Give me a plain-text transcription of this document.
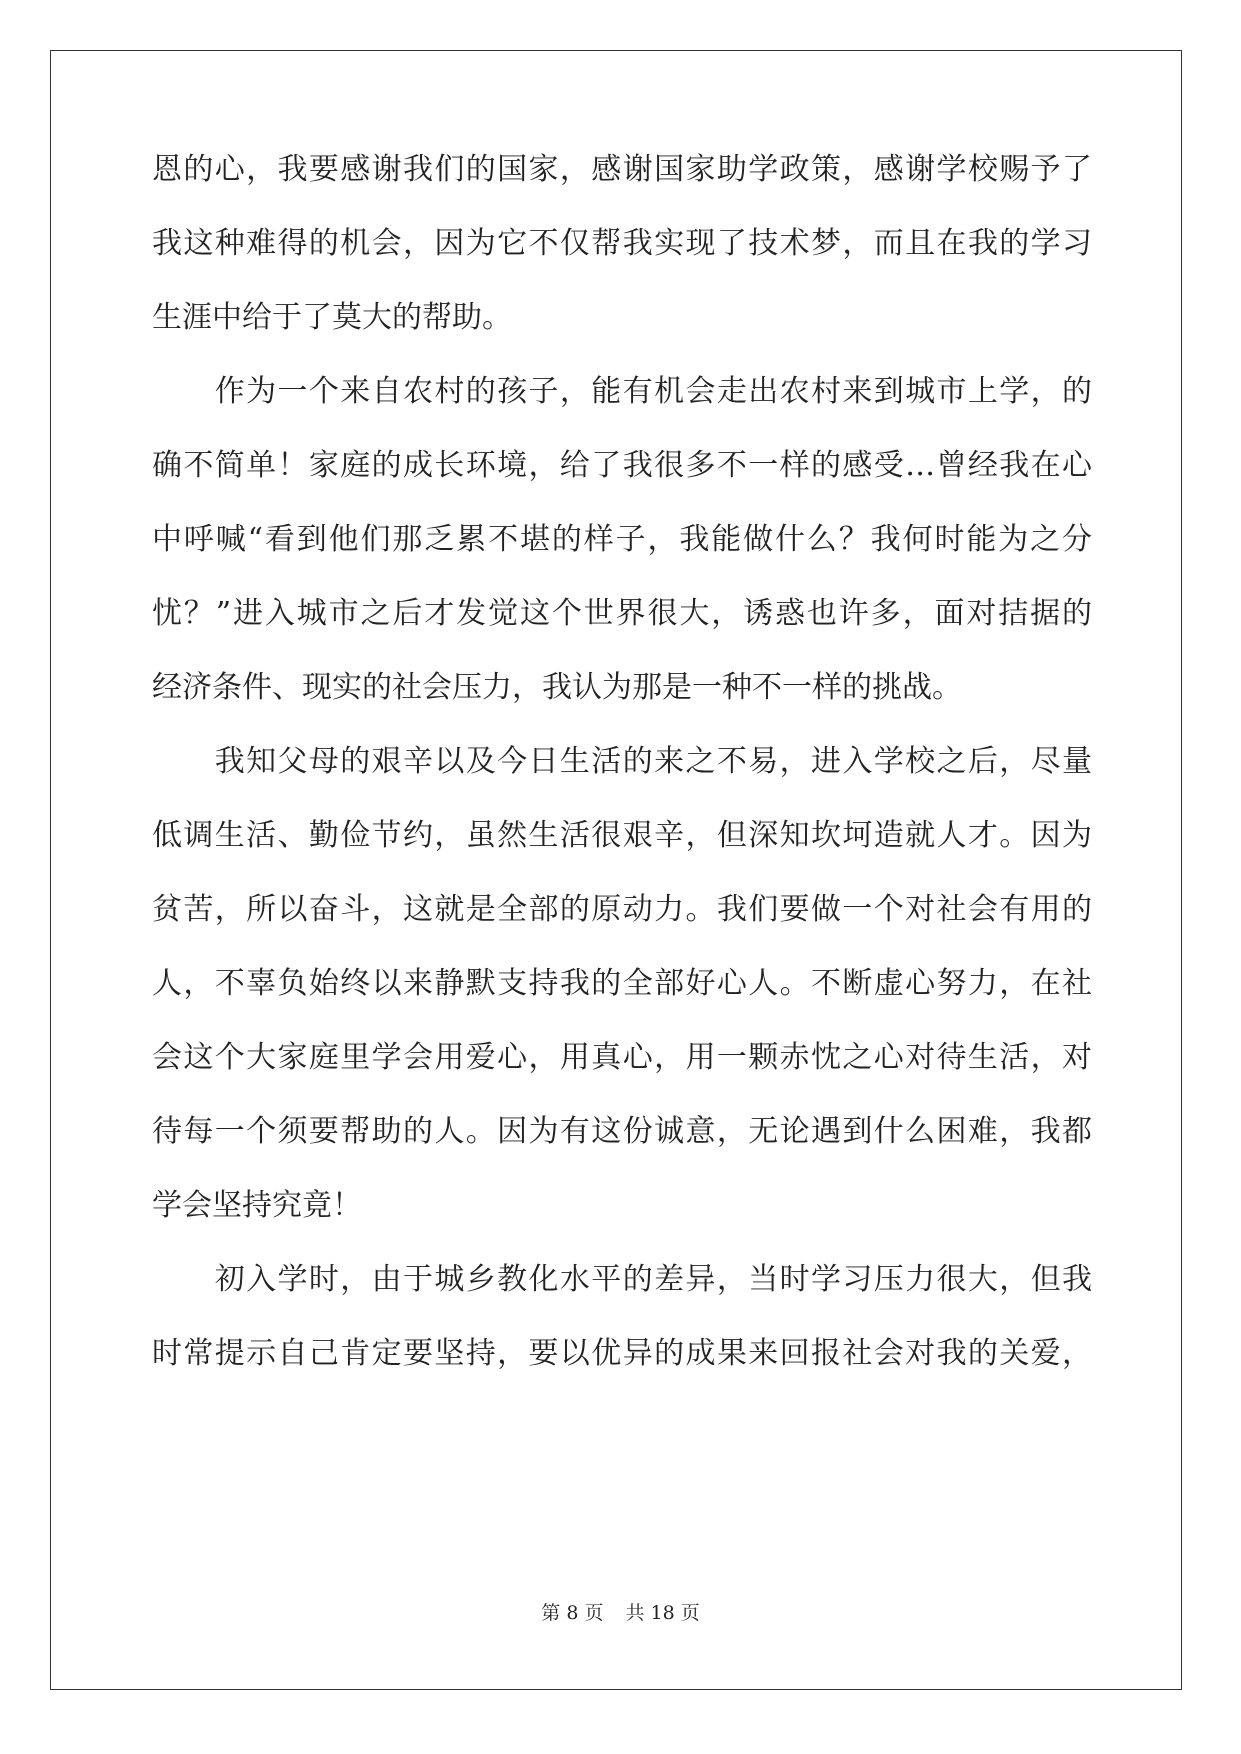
恩的心，我要感谢我们的国家，感谢国家助学政策，感谢学校赐予了
我这种难得的机会，因为它不仅帮我实现了技术梦，而且在我的学习
生涯中给于了莫大的帮助。
　　作为一个来自农村的孩子，能有机会走出农村来到城市上学，的
确不简单！家庭的成长环境，给了我很多不一样的感受…曾经我在心
中呼喊“看到他们那乏累不堪的样子，我能做什么？我何时能为之分
忧？”进入城市之后才发觉这个世界很大，诱惑也许多，面对拮据的
经济条件、现实的社会压力，我认为那是一种不一样的挑战。
　　我知父母的艰辛以及今日生活的来之不易，进入学校之后，尽量
低调生活、勤俭节约，虽然生活很艰辛，但深知坎坷造就人才。因为
贫苦，所以奋斗，这就是全部的原动力。我们要做一个对社会有用的
人，不辜负始终以来静默支持我的全部好心人。不断虚心努力，在社
会这个大家庭里学会用爱心，用真心，用一颗赤忱之心对待生活，对
待每一个须要帮助的人。因为有这份诚意，无论遇到什么困难，我都
学会坚持究竟！
　　初入学时，由于城乡教化水平的差异，当时学习压力很大，但我
时常提示自己肯定要坚持，要以优异的成果来回报社会对我的关爱，
第 8 页 共 18 页
